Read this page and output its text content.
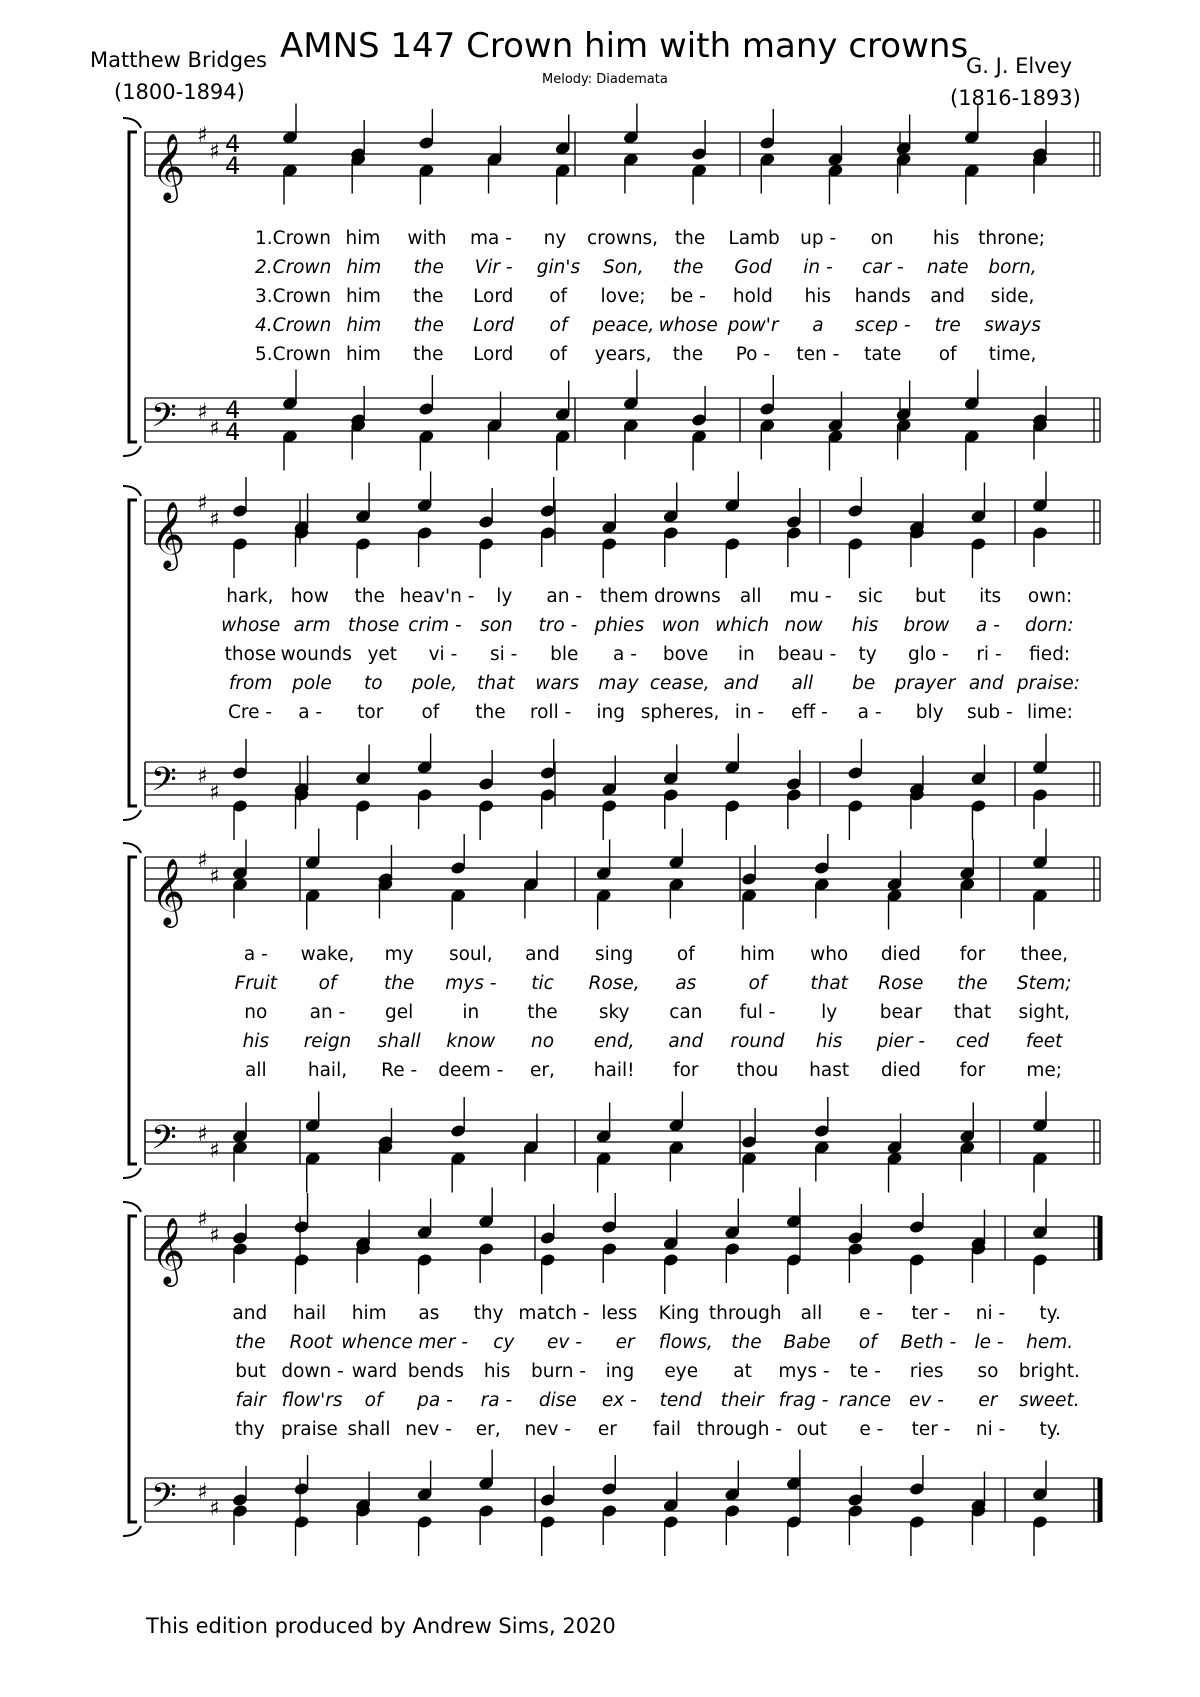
AMNS 147 Crown him with many crowns
Melody: Diademata
Matthew Bridges
(1800-1894)
G. J. Elvey
(1816-1893)
𝄞 ♯
♯ 4
4
𝄢 ♯
♯
4
4
𝄞 ♯
♯
𝄢 ♯
♯
𝄞 ♯
♯
𝄢 ♯
♯
𝄞 ♯
♯
𝄢 ♯
♯
1.Crown him	with	ma -	ny	crowns, the	Lamb	up -	on	his	throne;
2.Crown him	the	Vir -	gin's	Son,	the	God	in -	car -	nate	born,
3.Crown him	the	Lord	of	love;	be -	hold	his	hands	and	side,
4.Crown him	the	Lord	of	peace, whose pow'r	a	scep -	tre	sways
5.Crown him	the	Lord	of	years,	the	Po -	ten -	tate	of	time,
hark, how	the heav'n -	ly	an - them drowns	all	mu -	sic	but	its	own:
whose arm those crim - son	tro - phies won which now	his	brow	a -	dorn:
those wounds yet	vi -	si -	ble	a -	bove	in	beau -	ty	glo -	ri -	fied:
from	pole	to	pole,	that	wars	may cease, and	all	be	prayer and praise:
Cre -	a -	tor	of	the	roll -	ing spheres, in -	eff -	a -	bly	sub - lime:
a -	wake,	my	soul,	and	sing	of	him	who	died	for	thee,
Fruit	of	the	mys -	tic	Rose,	as	of	that	Rose	the	Stem;
no	an -	gel	in	the	sky	can	ful -	ly	bear	that	sight,
his	reign	shall	know	no	end,	and	round	his	pier -	ced	feet
all	hail,	Re -	deem -	er,	hail!	for	thou	hast	died	for	me;
and	hail	him	as	thy match - less	King through	all	e -	ter -	ni -	ty.
the	Root whence mer -	cy	ev -	er	flows,	the	Babe	of	Beth - le -	hem.
but down - ward bends	his	burn -	ing	eye	at	mys -	te -	ries	so	bright.
fair flow'rs	of	pa -	ra -	dise	ex -	tend	their frag - rance ev -	er	sweet.
thy praise shall nev -	er,	nev -	er	fail through - out	e -	ter -	ni -	ty.
This edition produced by Andrew Sims, 2020
